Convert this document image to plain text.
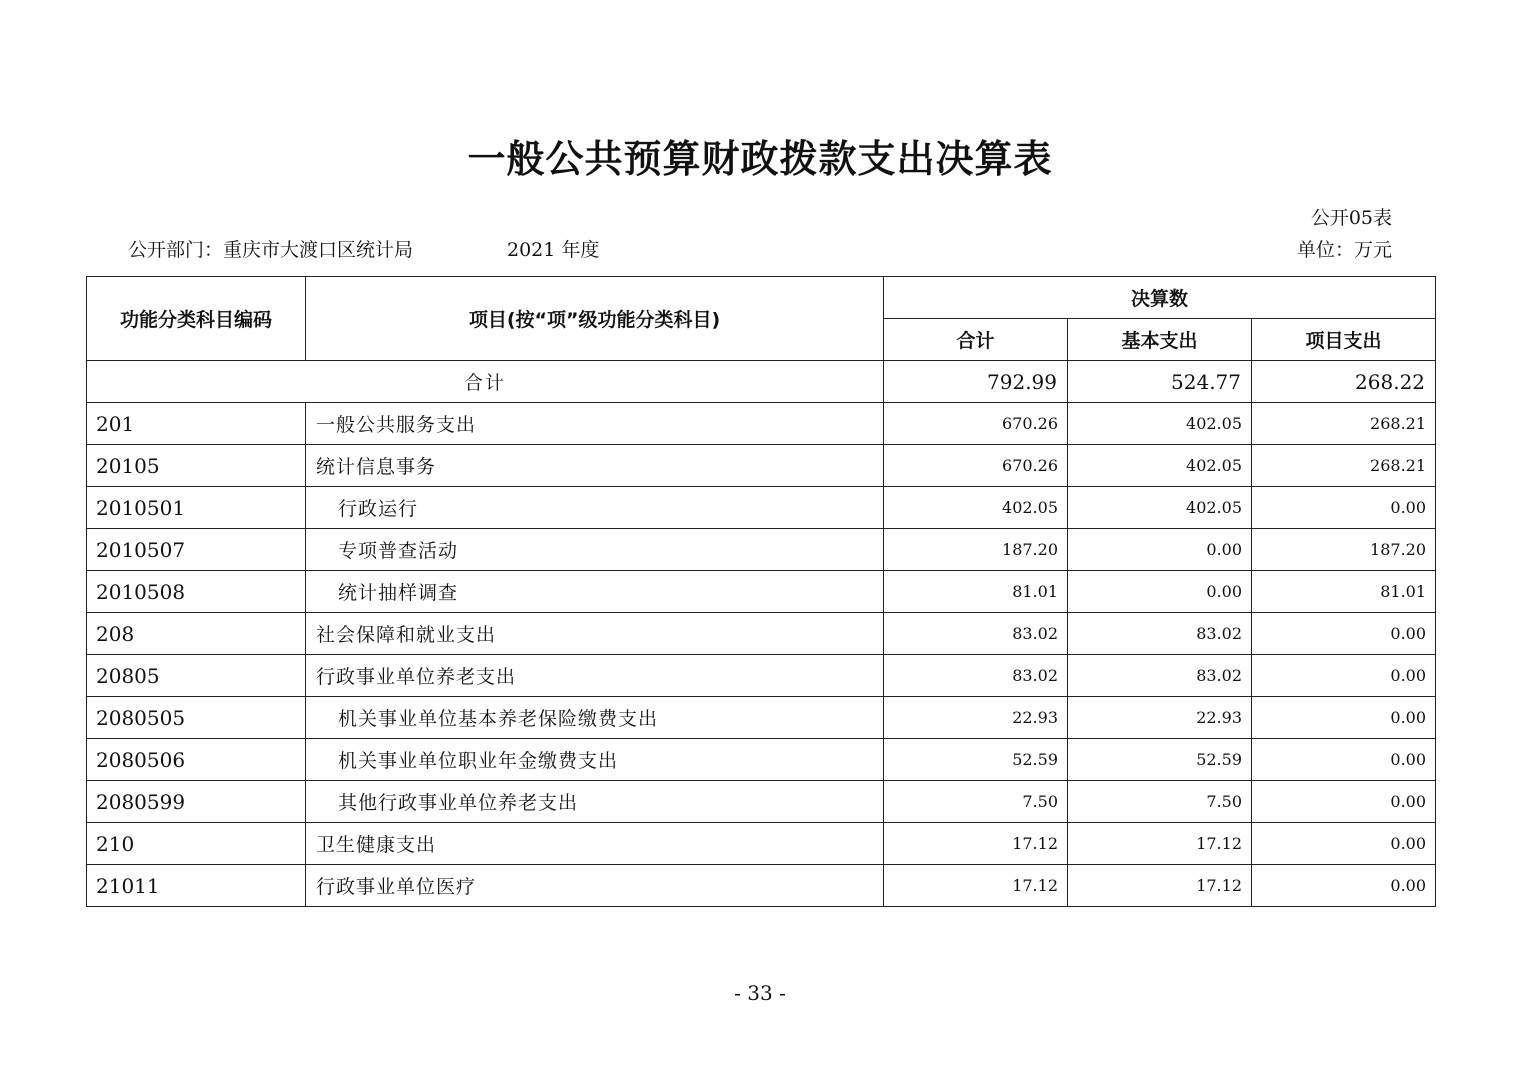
一般公共预算财政拨款支出决算表
公开05表
公开部门：重庆市大渡口区统计局	2021 年度	单位：万元
功能分类科目编码	项目(按“项”级功能分类科目)	决算数		
		合计	基本支出	项目支出
合计		792.99	524.77	268.22
201	一般公共服务支出	670.26	402.05	268.21
20105	统计信息事务	670.26	402.05	268.21
2010501	行政运行	402.05	402.05	0.00
2010507	专项普查活动	187.20	0.00	187.20
2010508	统计抽样调查	81.01	0.00	81.01
208	社会保障和就业支出	83.02	83.02	0.00
20805	行政事业单位养老支出	83.02	83.02	0.00
2080505	机关事业单位基本养老保险缴费支出	22.93	22.93	0.00
2080506	机关事业单位职业年金缴费支出	52.59	52.59	0.00
2080599	其他行政事业单位养老支出	7.50	7.50	0.00
210	卫生健康支出	17.12	17.12	0.00
21011	行政事业单位医疗	17.12	17.12	0.00
- 33 -
